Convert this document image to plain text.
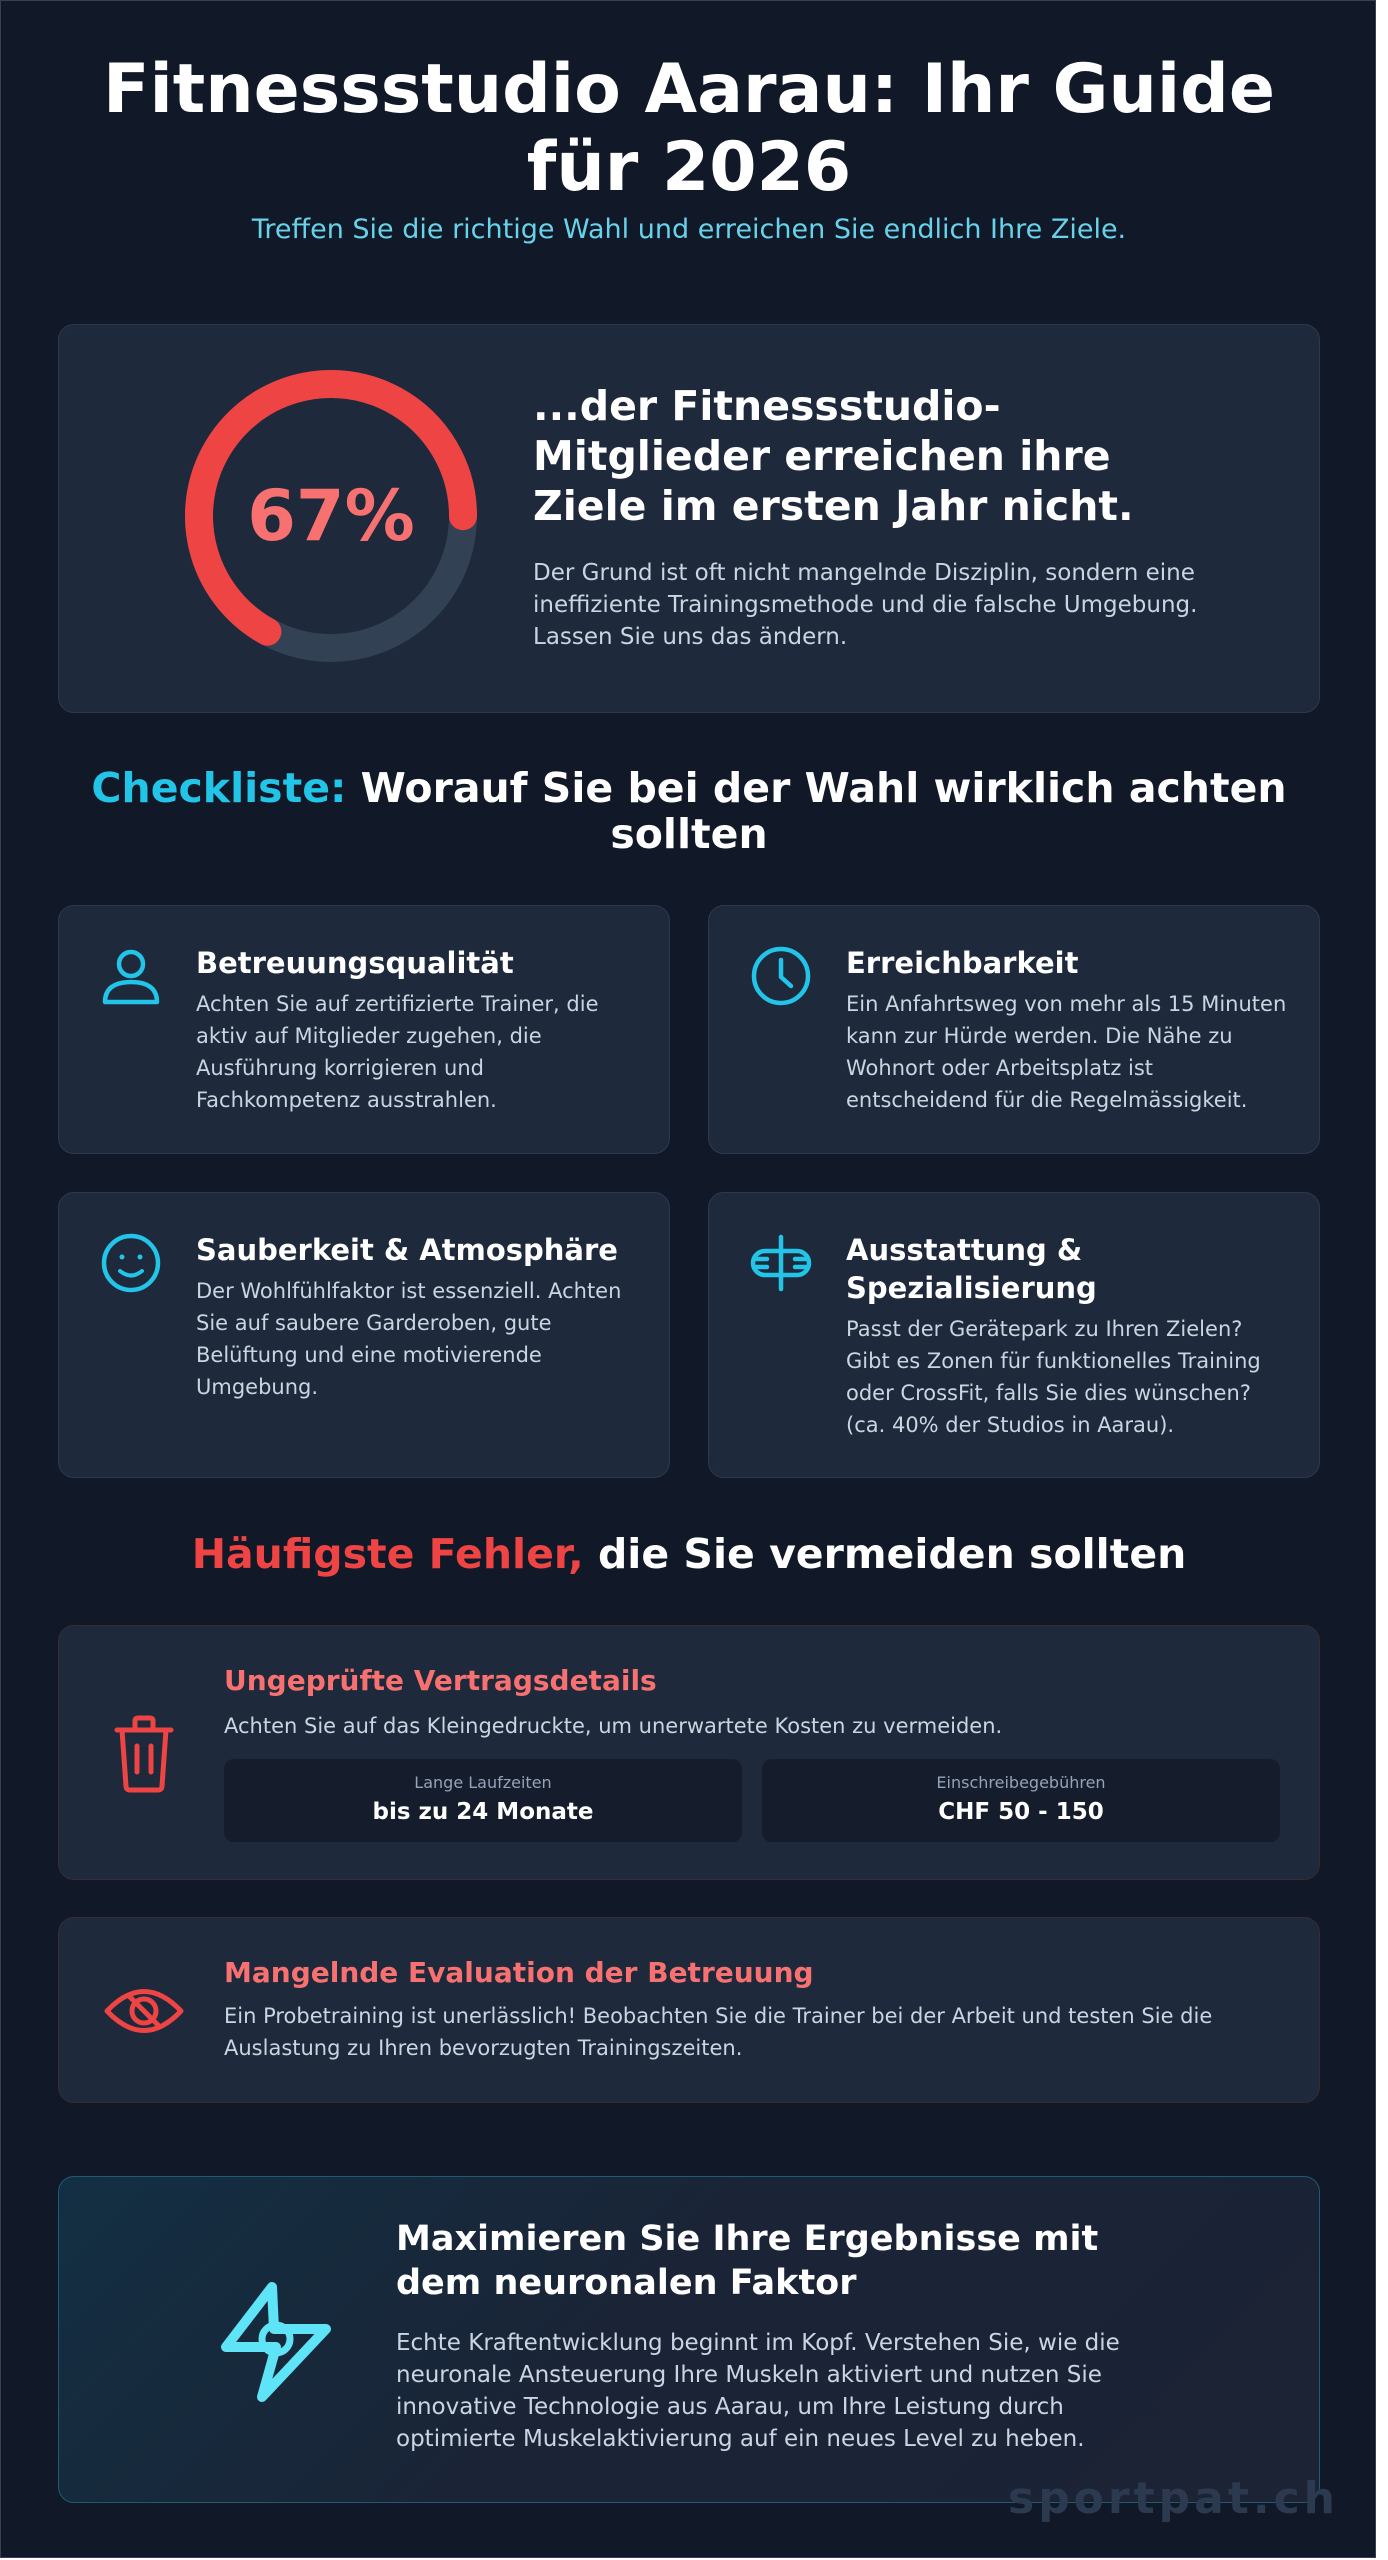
Fitnessstudio Aarau: Ihr Guide für 2026

Treffen Sie die richtige Wahl und erreichen Sie endlich Ihre Ziele.

67%
...der Fitnessstudio-Mitglieder erreichen ihre Ziele im ersten Jahr nicht.

Der Grund ist oft nicht mangelnde Disziplin, sondern eine ineffiziente Trainingsmethode und die falsche Umgebung. Lassen Sie uns das ändern.

Checkliste: Worauf Sie bei der Wahl wirklich achten sollten
Betreuungsqualität

Achten Sie auf zertifizierte Trainer, die aktiv auf Mitglieder zugehen, die Ausführung korrigieren und Fachkompetenz ausstrahlen.

Erreichbarkeit

Ein Anfahrtsweg von mehr als 15 Minuten kann zur Hürde werden. Die Nähe zu Wohnort oder Arbeitsplatz ist entscheidend für die Regelmässigkeit.

Sauberkeit & Atmosphäre

Der Wohlfühlfaktor ist essenziell. Achten Sie auf saubere Garderoben, gute Belüftung und eine motivierende Umgebung.

Ausstattung & Spezialisierung

Passt der Gerätepark zu Ihren Zielen? Gibt es Zonen für funktionelles Training oder CrossFit, falls Sie dies wünschen? (ca. 40% der Studios in Aarau).

Häufigste Fehler, die Sie vermeiden sollten
Ungeprüfte Vertragsdetails

Achten Sie auf das Kleingedruckte, um unerwartete Kosten zu vermeiden.

Lange Laufzeiten
bis zu 24 Monate
Einschreibegebühren
CHF 50 - 150
Mangelnde Evaluation der Betreuung

Ein Probetraining ist unerlässlich! Beobachten Sie die Trainer bei der Arbeit und testen Sie die Auslastung zu Ihren bevorzugten Trainingszeiten.

Maximieren Sie Ihre Ergebnisse mit dem neuronalen Faktor

Echte Kraftentwicklung beginnt im Kopf. Verstehen Sie, wie die neuronale Ansteuerung Ihre Muskeln aktiviert und nutzen Sie innovative Technologie aus Aarau, um Ihre Leistung durch optimierte Muskelaktivierung auf ein neues Level zu heben.

sportpat.ch
